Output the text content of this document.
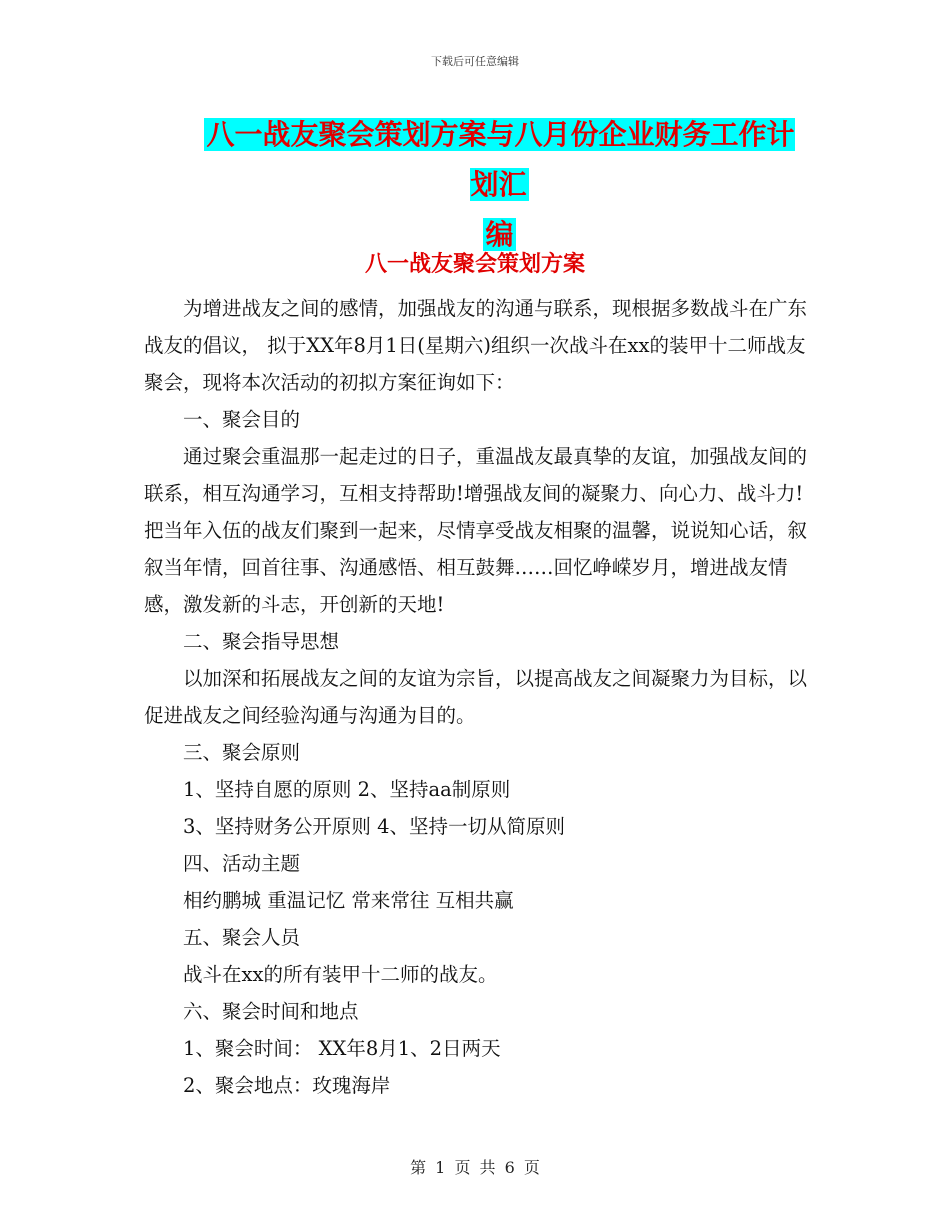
下载后可任意编辑
八一战友聚会策划方案与八月份企业财务工作计划汇
编
八一战友聚会策划方案

为增进战友之间的感情，加强战友的沟通与联系，现根据多数战斗在广东战友的倡议， 拟于XX年8月1日(星期六)组织一次战斗在xx的装甲十二师战友聚会，现将本次活动的初拟方案征询如下：

一、聚会目的

通过聚会重温那一起走过的日子，重温战友最真挚的友谊，加强战友间的联系，相互沟通学习，互相支持帮助!增强战友间的凝聚力、向心力、战斗力!把当年入伍的战友们聚到一起来，尽情享受战友相聚的温馨，说说知心话，叙叙当年情，回首往事、沟通感悟、相互鼓舞……回忆峥嵘岁月，增进战友情感，激发新的斗志，开创新的天地!

二、聚会指导思想

以加深和拓展战友之间的友谊为宗旨，以提高战友之间凝聚力为目标，以促进战友之间经验沟通与沟通为目的。

三、聚会原则

1、坚持自愿的原则 2、坚持aa制原则

3、坚持财务公开原则 4、坚持一切从简原则

四、活动主题

相约鹏城 重温记忆 常来常往 互相共赢

五、聚会人员

战斗在xx的所有装甲十二师的战友。

六、聚会时间和地点

1、聚会时间： XX年8月1、2日两天

2、聚会地点：玫瑰海岸

第 1 页 共 6 页
